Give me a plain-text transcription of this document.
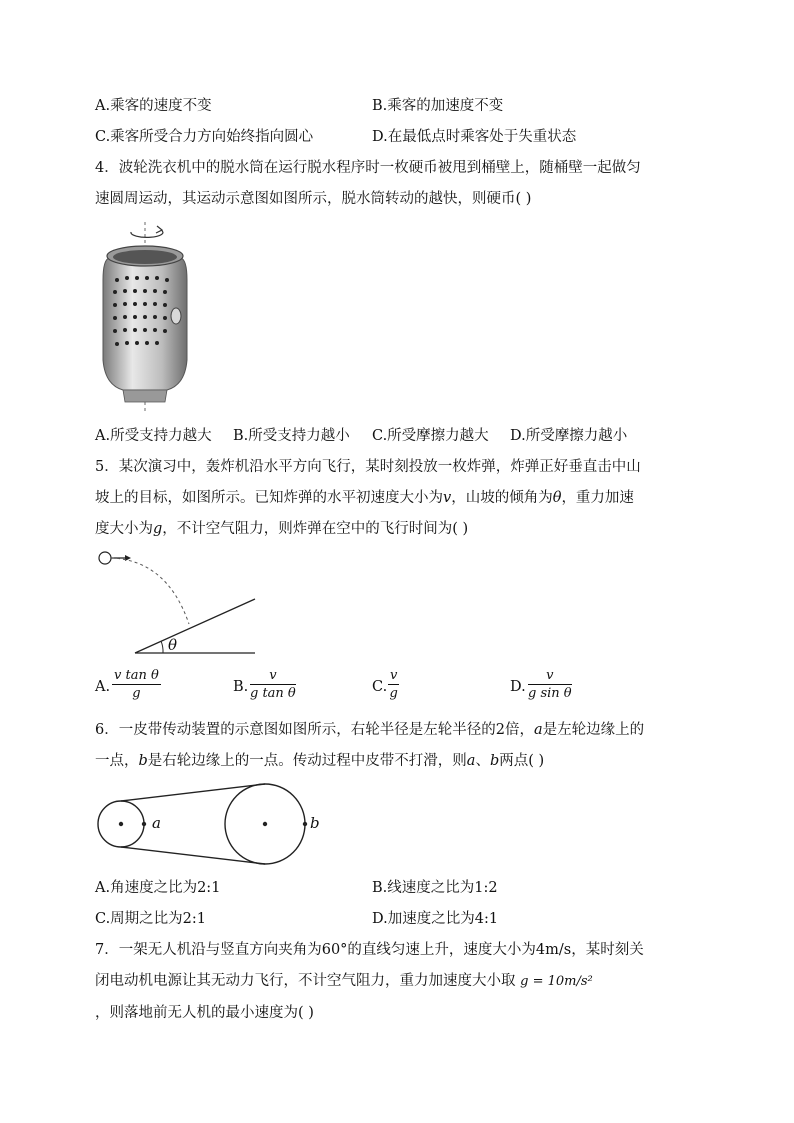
A.乘客的速度不变	B.乘客的加速度不变
C.乘客所受合力方向始终指向圆心	D.在最低点时乘客处于失重状态
4．波轮洗衣机中的脱水筒在运行脱水程序时一枚硬币被甩到桶壁上，随桶壁一起做匀
速圆周运动，其运动示意图如图所示，脱水筒转动的越快，则硬币( )
A.所受支持力越大 B.所受支持力越小 C.所受摩擦力越大 D.所受摩擦力越小
5．某次演习中，轰炸机沿水平方向飞行，某时刻投放一枚炸弹，炸弹正好垂直击中山
坡上的目标，如图所示。已知炸弹的水平初速度大小为v，山坡的倾角为θ，重力加速
度大小为g，不计空气阻力，则炸弹在空中的飞行时间为( )
θ
A. $\frac{\text{v tan θ}}{g}$	B. $\frac{v}{\text{g tan θ}}$	C. $\frac{v}{g}$	D. $\frac{v}{\text{g sin θ}}$
6．一皮带传动装置的示意图如图所示，右轮半径是左轮半径的2倍，a是左轮边缘上的
一点，b是右轮边缘上的一点。传动过程中皮带不打滑，则a、b两点( )
a	b
A.角速度之比为2:1	B.线速度之比为1:2
C.周期之比为2:1	D.加速度之比为4:1
7．一架无人机沿与竖直方向夹角为60°的直线匀速上升，速度大小为4m/s，某时刻关
闭电动机电源让其无动力飞行，不计空气阻力，重力加速度大小取 g = 10m/s²
，则落地前无人机的最小速度为( )
